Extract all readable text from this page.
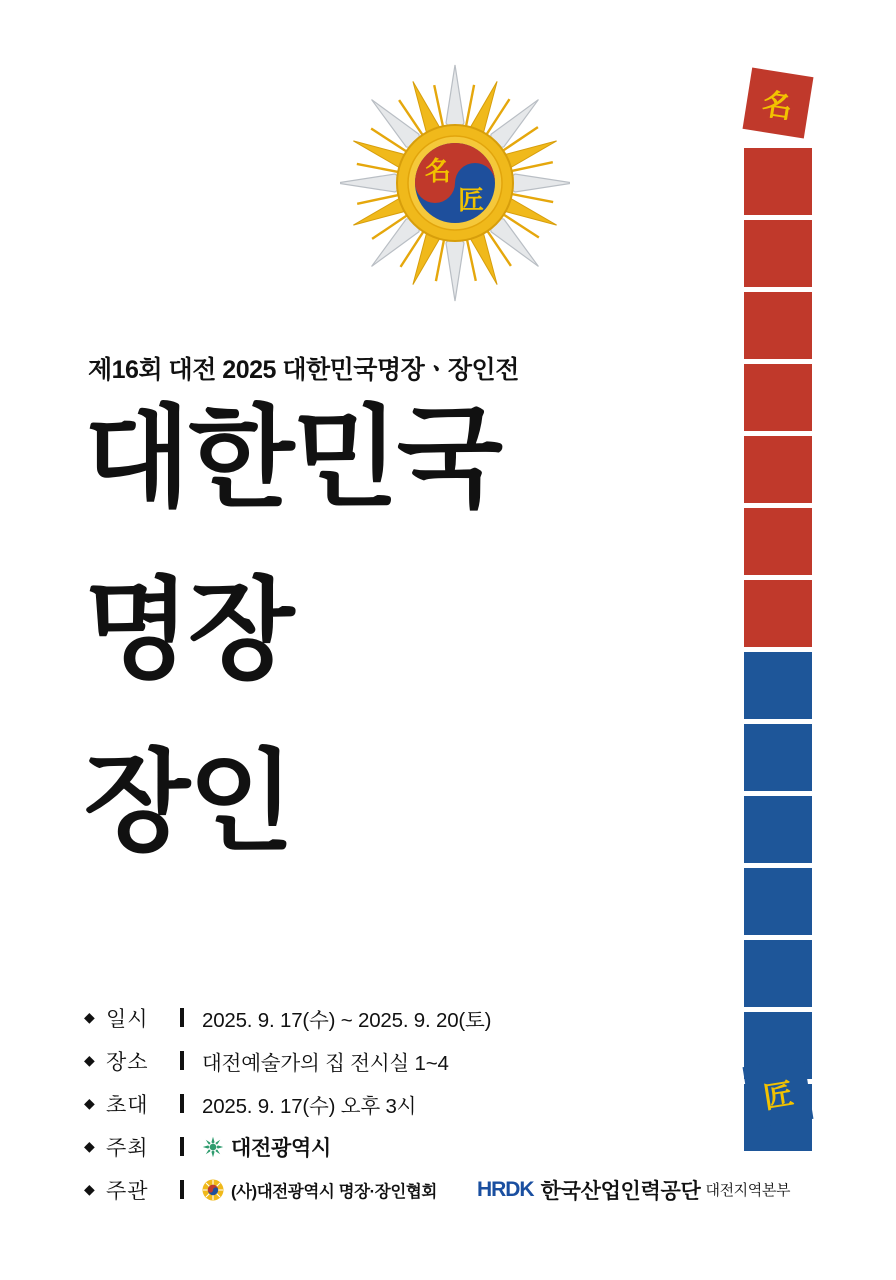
名
匠
제16회 대전 2025 대한민국명장ㆍ장인전
대한민국
명장
장인
名
匠
◆ 일시	2025. 9. 17(수) ~ 2025. 9. 20(토)
◆ 장소	대전예술가의 집 전시실 1~4
◆ 초대	2025. 9. 17(수) 오후 3시
◆ 주최	대전광역시
◆ 주관	(사)대전광역시 명장·장인협회 HRDK 한국산업인력공단 대전지역본부
